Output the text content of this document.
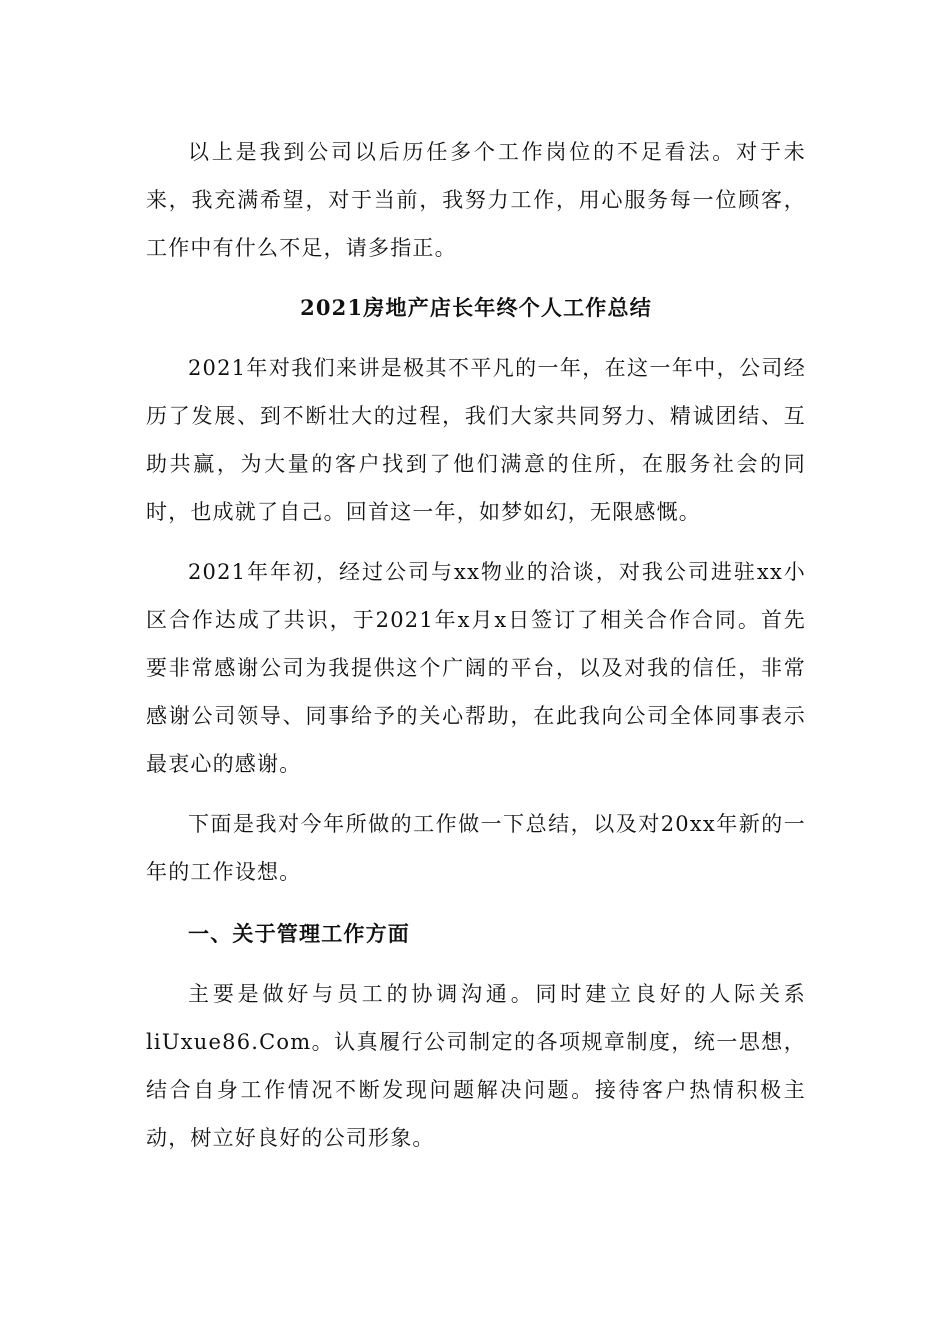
以上是我到公司以后历任多个工作岗位的不足看法。对于未来，我充满希望，对于当前，我努力工作，用心服务每一位顾客，工作中有什么不足，请多指正。

2021房地产店长年终个人工作总结

2021年对我们来讲是极其不平凡的一年，在这一年中，公司经历了发展、到不断壮大的过程，我们大家共同努力、精诚团结、互助共赢，为大量的客户找到了他们满意的住所，在服务社会的同时，也成就了自己。回首这一年，如梦如幻，无限感慨。

2021年年初，经过公司与xx物业的洽谈，对我公司进驻xx小区合作达成了共识，于2021年x月x日签订了相关合作合同。首先要非常感谢公司为我提供这个广阔的平台，以及对我的信任，非常感谢公司领导、同事给予的关心帮助，在此我向公司全体同事表示最衷心的感谢。

下面是我对今年所做的工作做一下总结，以及对20xx年新的一年的工作设想。

一、关于管理工作方面

主要是做好与员工的协调沟通。同时建立良好的人际关系liUxue86.Com。认真履行公司制定的各项规章制度，统一思想，结合自身工作情况不断发现问题解决问题。接待客户热情积极主动，树立好良好的公司形象。
